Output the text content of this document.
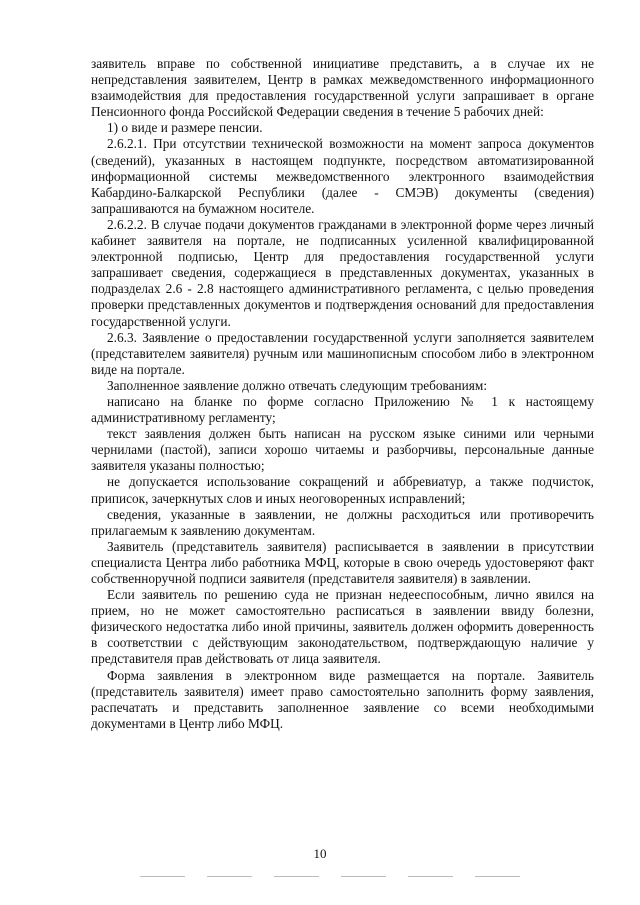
заявитель вправе по собственной инициативе представить, а в случае их не непредставления заявителем, Центр в рамках межведомственного информационного взаимодействия для предоставления государственной услуги запрашивает в органе Пенсионного фонда Российской Федерации сведения в течение 5 рабочих дней:

1) о виде и размере пенсии.

2.6.2.1. При отсутствии технической возможности на момент запроса документов (сведений), указанных в настоящем подпункте, посредством автоматизированной информационной системы межведомственного электронного взаимодействия Кабардино-Балкарской Республики (далее - СМЭВ) документы (сведения) запрашиваются на бумажном носителе.

2.6.2.2. В случае подачи документов гражданами в электронной форме через личный кабинет заявителя на портале, не подписанных усиленной квалифицированной электронной подписью, Центр для предоставления государственной услуги запрашивает сведения, содержащиеся в представленных документах, указанных в подразделах 2.6 - 2.8 настоящего административного регламента, с целью проведения проверки представленных документов и подтверждения оснований для предоставления государственной услуги.

2.6.3. Заявление о предоставлении государственной услуги заполняется заявителем (представителем заявителя) ручным или машинописным способом либо в электронном виде на портале.

Заполненное заявление должно отвечать следующим требованиям:

написано на бланке по форме согласно Приложению № 1 к настоящему административному регламенту;

текст заявления должен быть написан на русском языке синими или черными чернилами (пастой), записи хорошо читаемы и разборчивы, персональные данные заявителя указаны полностью;

не допускается использование сокращений и аббревиатур, а также подчисток, приписок, зачеркнутых слов и иных неоговоренных исправлений;

сведения, указанные в заявлении, не должны расходиться или противоречить прилагаемым к заявлению документам.

Заявитель (представитель заявителя) расписывается в заявлении в присутствии специалиста Центра либо работника МФЦ, которые в свою очередь удостоверяют факт собственноручной подписи заявителя (представителя заявителя) в заявлении.

Если заявитель по решению суда не признан недееспособным, лично явился на прием, но не может самостоятельно расписаться в заявлении ввиду болезни, физического недостатка либо иной причины, заявитель должен оформить доверенность в соответствии с действующим законодательством, подтверждающую наличие у представителя прав действовать от лица заявителя.

Форма заявления в электронном виде размещается на портале. Заявитель (представитель заявителя) имеет право самостоятельно заполнить форму заявления, распечатать и представить заполненное заявление со всеми необходимыми документами в Центр либо МФЦ.

10
